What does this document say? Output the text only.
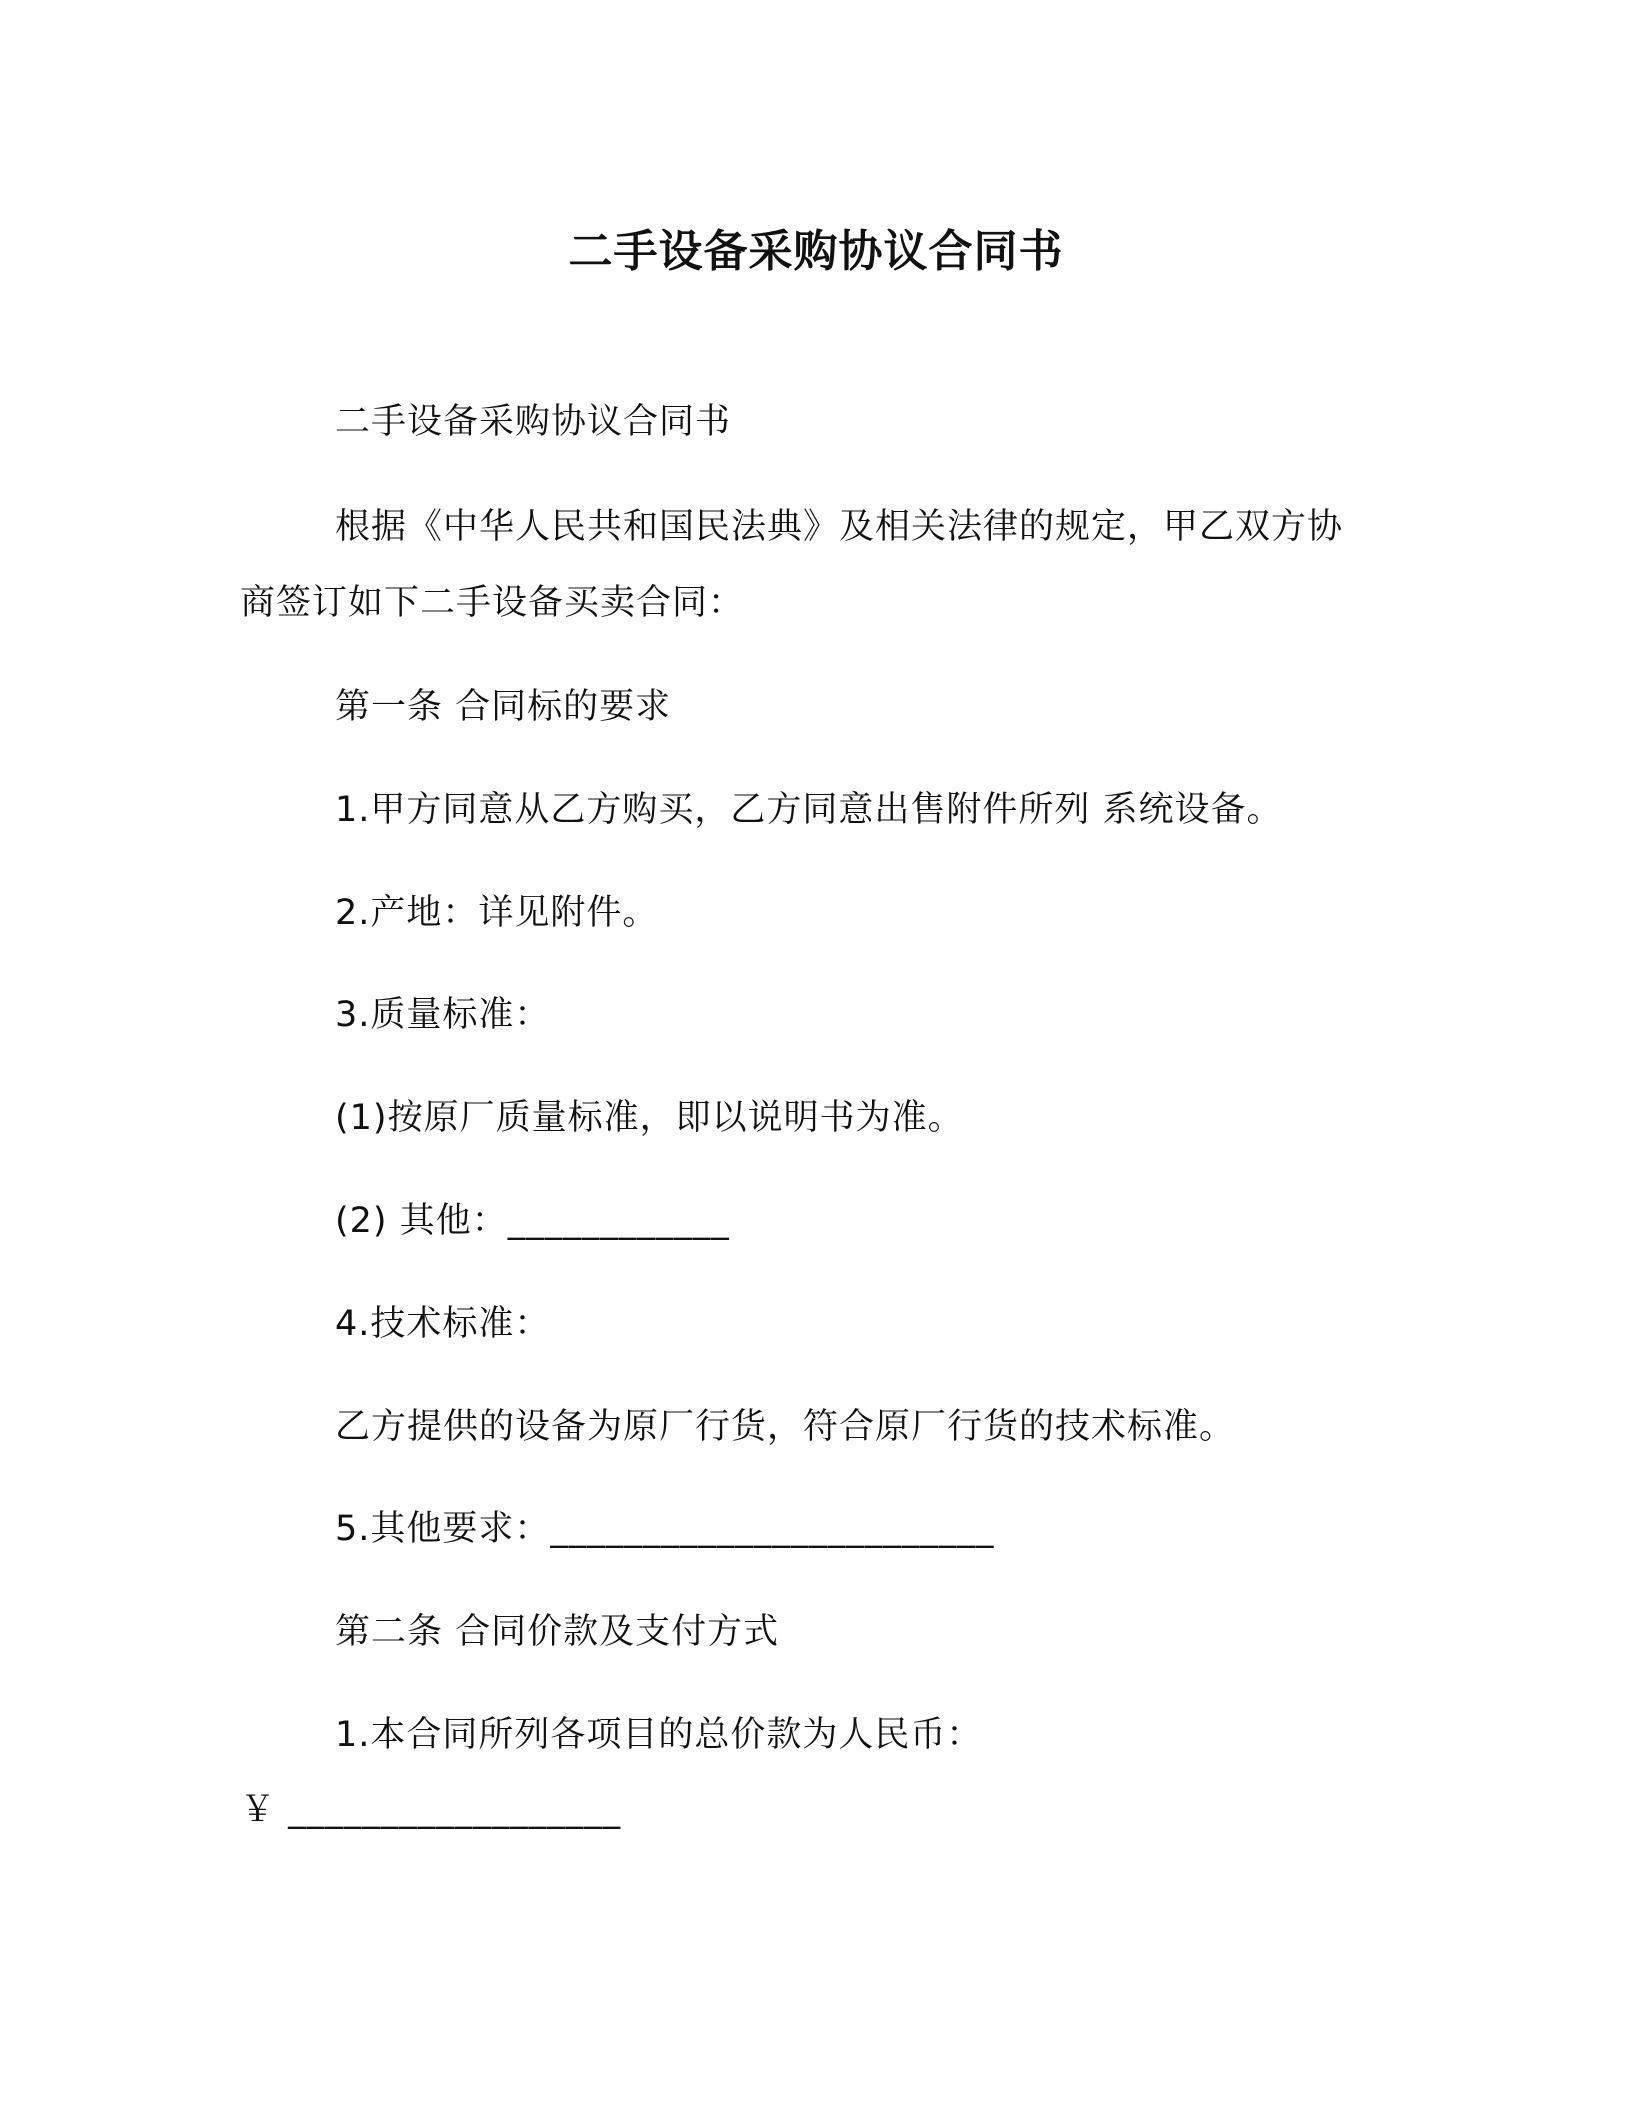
二手设备采购协议合同书
二手设备采购协议合同书
根据《中华人民共和国民法典》及相关法律的规定，甲乙双方协
商签订如下二手设备买卖合同：
第一条 合同标的要求
1.甲方同意从乙方购买，乙方同意出售附件所列 系统设备。
2.产地：详见附件。
3.质量标准：
(1)按原厂质量标准，即以说明书为准。
(2) 其他：____________
4.技术标准：
乙方提供的设备为原厂行货，符合原厂行货的技术标准。
5.其他要求：________________________
第二条 合同价款及支付方式
1.本合同所列各项目的总价款为人民币：
￥ __________________
